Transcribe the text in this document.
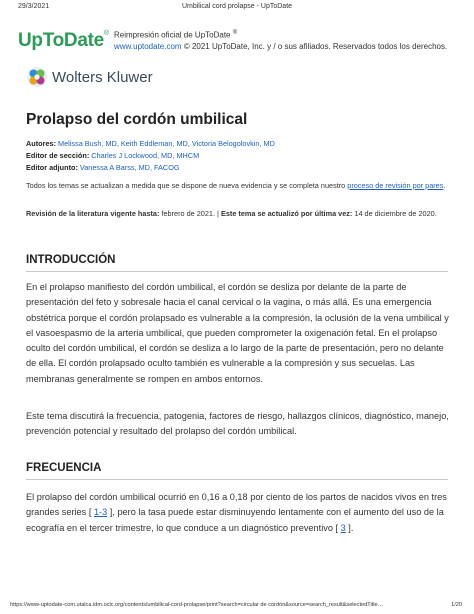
29/3/2021	Umbilical cord prolapse - UpToDate
UpToDate® Reimpresión oficial de UpToDate ®
www.uptodate.com © 2021 UpToDate, Inc. y / o sus afiliados. Reservados todos los derechos.
Wolters Kluwer
Prolapso del cordón umbilical
Autores: Melissa Bush, MD, Keith Eddleman, MD, Victoria Belogolovkin, MD
Editor de sección: Charles J Lockwood, MD, MHCM
Editor adjunto: Vanessa A Barss, MD, FACOG
Todos los temas se actualizan a medida que se dispone de nueva evidencia y se completa nuestro proceso de revisión por pares.
Revisión de la literatura vigente hasta: febrero de 2021. | Este tema se actualizó por última vez: 14 de diciembre de 2020.
INTRODUCCIÓN
En el prolapso manifiesto del cordón umbilical, el cordón se desliza por delante de la parte de presentación del feto y sobresale hacia el canal cervical o la vagina, o más allá. Es una emergencia obstétrica porque el cordón prolapsado es vulnerable a la compresión, la oclusión de la vena umbilical y el vasoespasmo de la arteria umbilical, que pueden comprometer la oxigenación fetal. En el prolapso oculto del cordón umbilical, el cordón se desliza a lo largo de la parte de presentación, pero no delante de ella. El cordón prolapsado oculto también es vulnerable a la compresión y sus secuelas. Las membranas generalmente se rompen en ambos entornos.
Este tema discutirá la frecuencia, patogenia, factores de riesgo, hallazgos clínicos, diagnóstico, manejo, prevención potencial y resultado del prolapso del cordón umbilical.
FRECUENCIA
El prolapso del cordón umbilical ocurrió en 0,16 a 0,18 por ciento de los partos de nacidos vivos en tres grandes series [ 1-3 ], pero la tasa puede estar disminuyendo lentamente con el aumento del uso de la ecografía en el tercer trimestre, lo que conduce a un diagnóstico preventivo [ 3 ].
https://www-uptodate-com.utalca.idm.oclc.org/contents/umbilical-cord-prolapse/print?search=circular de cordón&source=search_result&selectedTitle…	1/20
